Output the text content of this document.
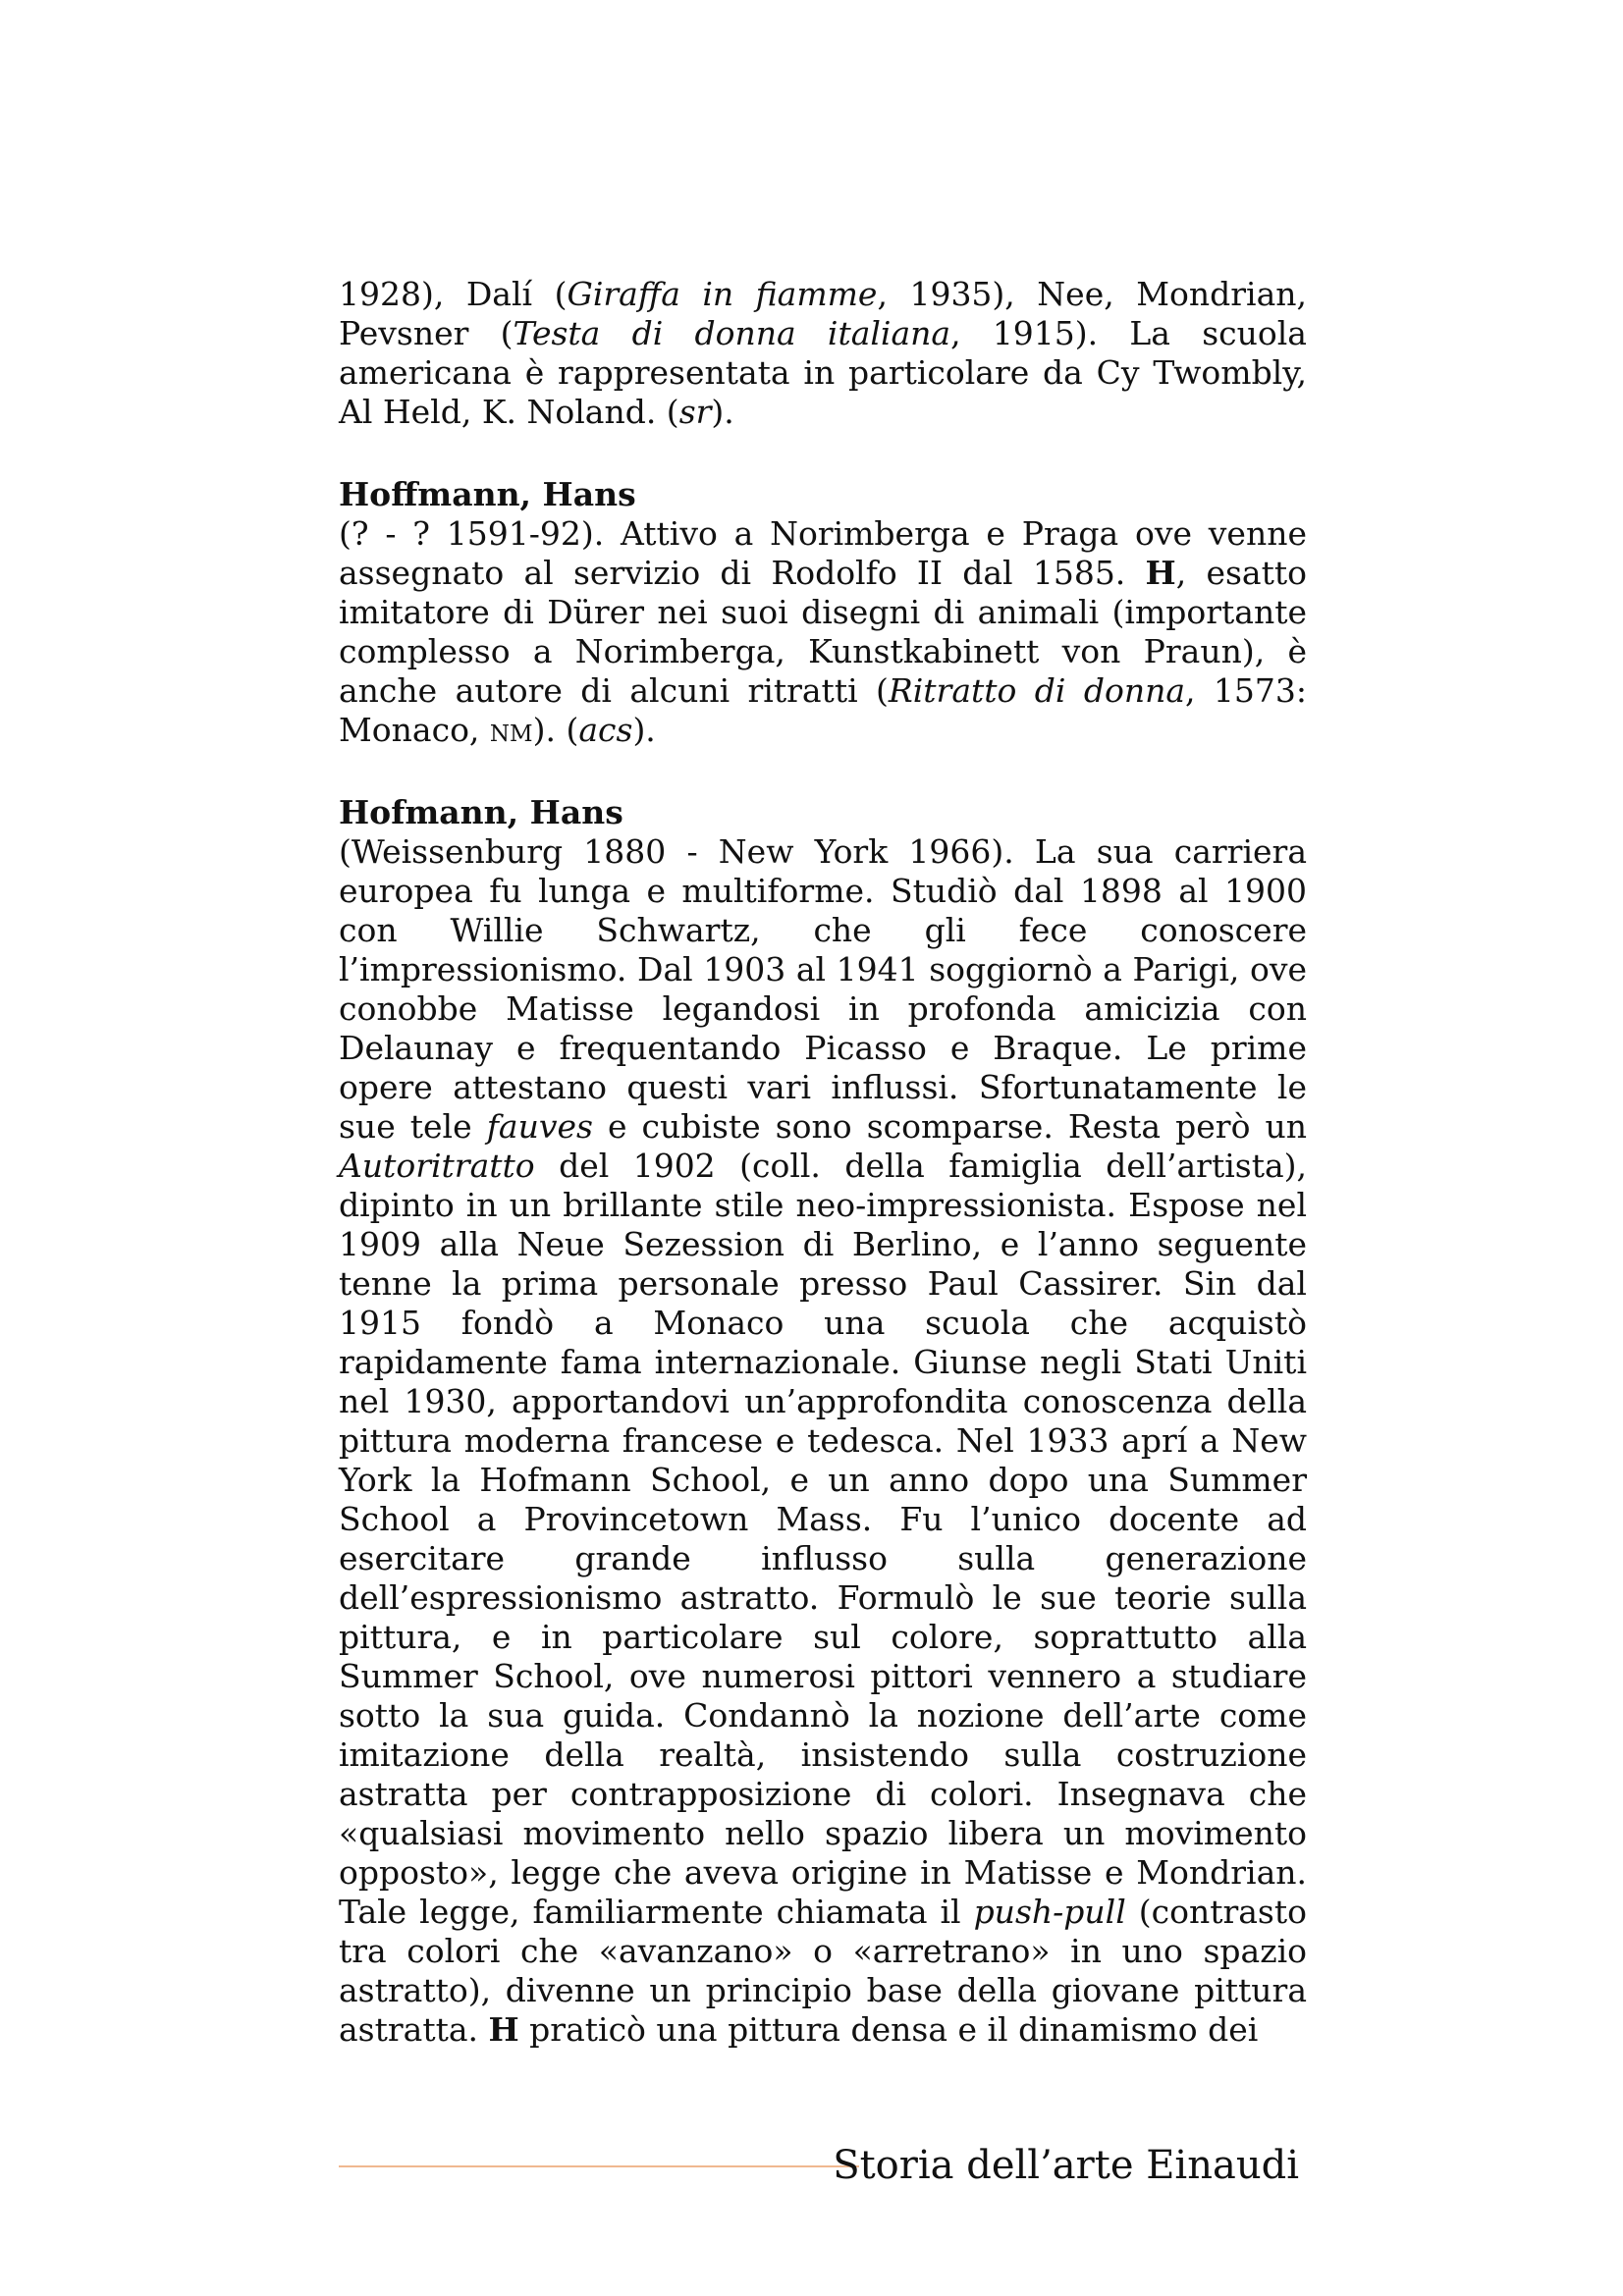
1928), Dalí (Giraffa in fiamme, 1935), Nee, Mondrian, Pevsner (Testa di donna italiana, 1915). La scuola americana è rappresentata in particolare da Cy Twombly, Al Held, K. Noland. (sr).

Hoffmann, Hans

(? - ? 1591-92). Attivo a Norimberga e Praga ove venne assegnato al servizio di Rodolfo II dal 1585. H, esatto imitatore di Dürer nei suoi disegni di animali (importante complesso a Norimberga, Kunstkabinett von Praun), è anche autore di alcuni ritratti (Ritratto di donna, 1573: Monaco, nm). (acs).

Hofmann, Hans

(Weissenburg 1880 - New York 1966). La sua carriera europea fu lunga e multiforme. Studiò dal 1898 al 1900 con Willie Schwartz, che gli fece conoscere l’impressionismo. Dal 1903 al 1941 soggiornò a Parigi, ove conobbe Matisse legandosi in profonda amicizia con Delaunay e frequentando Picasso e Braque. Le prime opere attestano questi vari influssi. Sfortunatamente le sue tele fauves e cubiste sono scomparse. Resta però un Autoritratto del 1902 (coll. della famiglia dell’artista), dipinto in un brillante stile neo-impressionista. Espose nel 1909 alla Neue Sezession di Berlino, e l’anno seguente tenne la prima personale presso Paul Cassirer. Sin dal 1915 fondò a Monaco una scuola che acquistò rapidamente fama internazionale. Giunse negli Stati Uniti nel 1930, apportandovi un’approfondita conoscenza della pittura moderna francese e tedesca. Nel 1933 aprí a New York la Hofmann School, e un anno dopo una Summer School a Provincetown Mass. Fu l’unico docente ad esercitare grande influsso sulla generazione dell’espressionismo astratto. Formulò le sue teorie sulla pittura, e in particolare sul colore, soprattutto alla Summer School, ove numerosi pittori vennero a studiare sotto la sua guida. Condannò la nozione dell’arte come imitazione della realtà, insistendo sulla costruzione astratta per contrapposizione di colori. Insegnava che «qualsiasi movimento nello spazio libera un movimento opposto», legge che aveva origine in Matisse e Mondrian. Tale legge, familiarmente chiamata il push-pull (contrasto tra colori che «avanzano» o «arretrano» in uno spazio astratto), divenne un principio base della giovane pittura astratta. H praticò una pittura densa e il dinamismo dei

Storia dell’arte Einaudi
